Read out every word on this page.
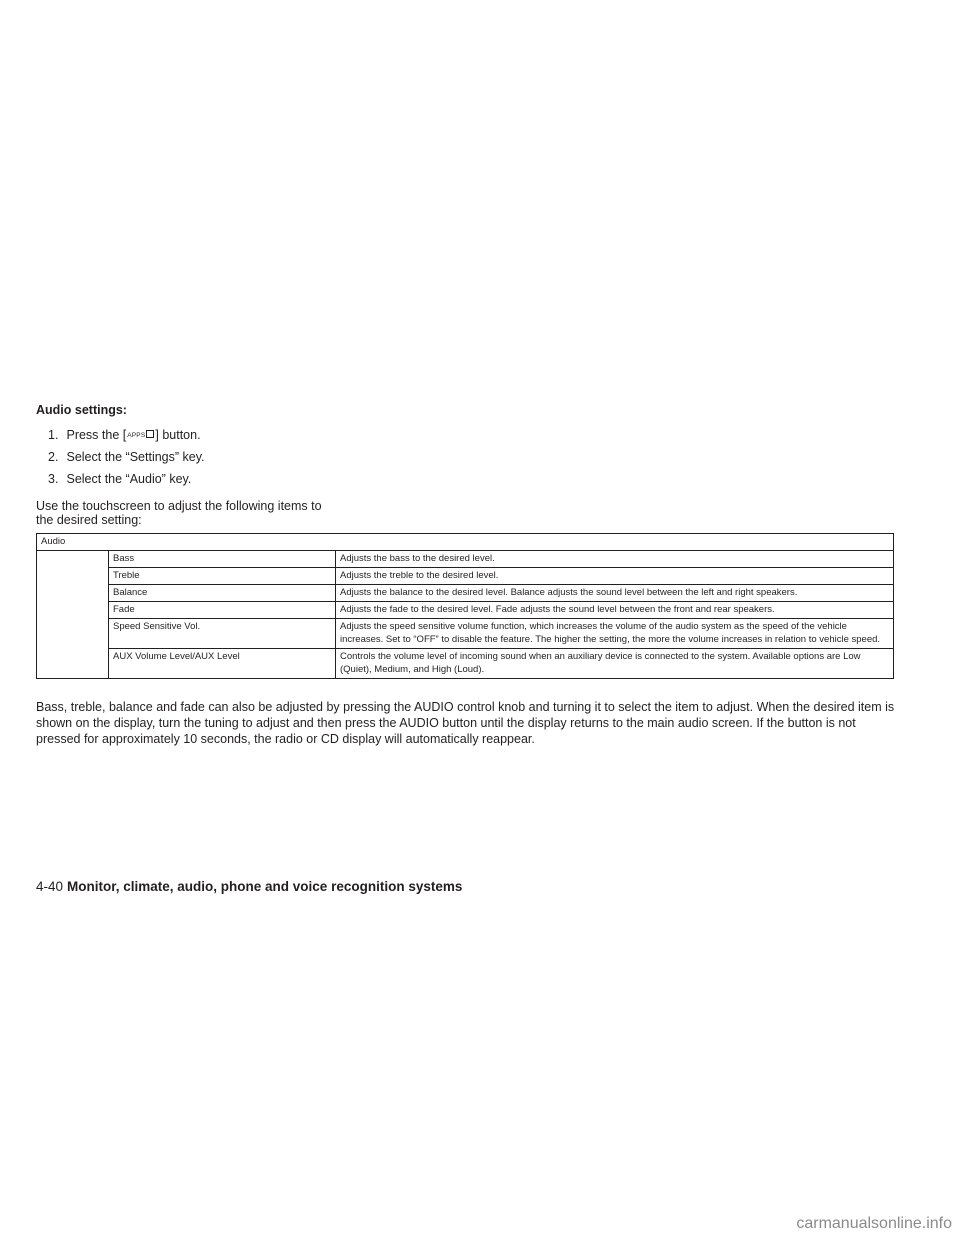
Audio settings:

1. Press the [APPS ] button.
2. Select the “Settings” key.
3. Select the “Audio” key.

Use the touchscreen to adjust the following items to the desired setting:

Audio		
	Bass	Adjusts the bass to the desired level.
	Treble	Adjusts the treble to the desired level.
	Balance	Adjusts the balance to the desired level. Balance adjusts the sound level between the left and right speakers.
	Fade	Adjusts the fade to the desired level. Fade adjusts the sound level between the front and rear speakers.
	Speed Sensitive Vol.	Adjusts the speed sensitive volume function, which increases the volume of the audio system as the speed of the vehicle increases. Set to “OFF” to disable the feature. The higher the setting, the more the volume increases in relation to vehicle speed.
	AUX Volume Level/AUX Level	Controls the volume level of incoming sound when an auxiliary device is connected to the system. Available options are Low (Quiet), Medium, and High (Loud).

Bass, treble, balance and fade can also be adjusted by pressing the AUDIO control knob and turning it to select the item to adjust. When the desired item is shown on the display, turn the tuning to adjust and then press the AUDIO button until the display returns to the main audio screen. If the button is not pressed for approximately 10 seconds, the radio or CD display will automatically reappear.

4-40 Monitor, climate, audio, phone and voice recognition systems
carmanualsonline.info
